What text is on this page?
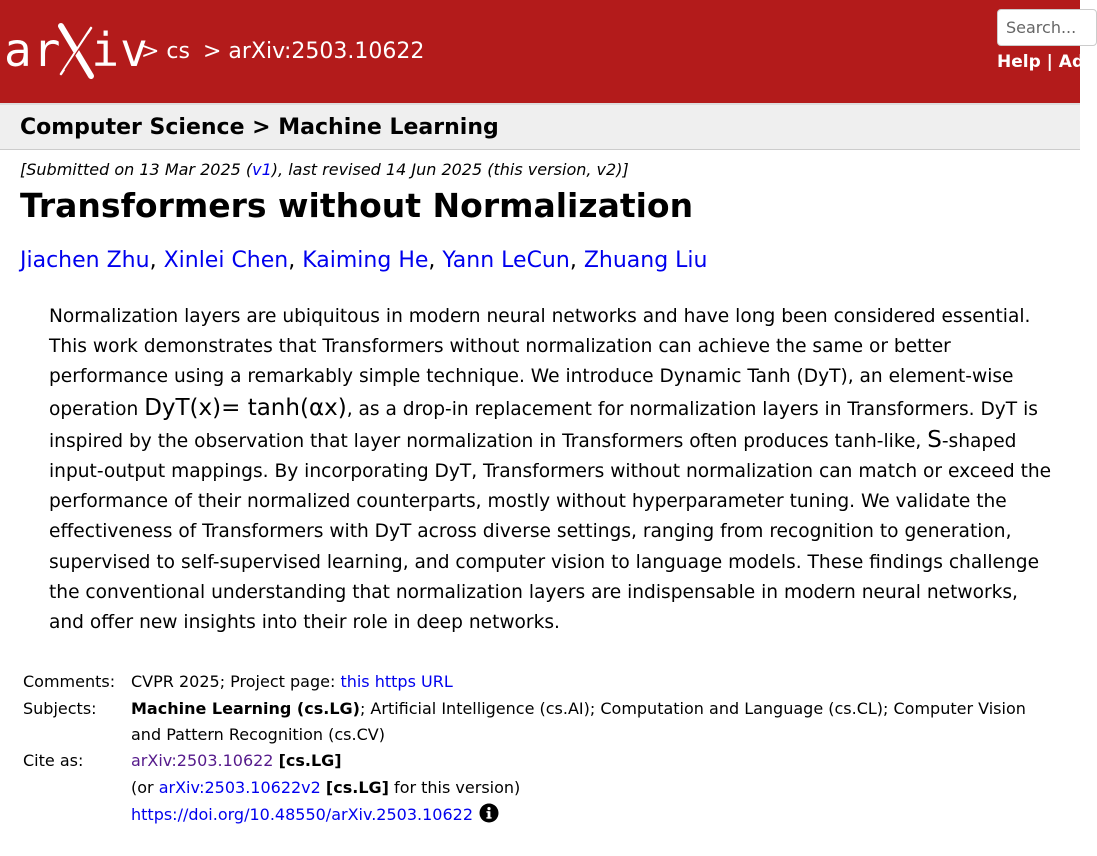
ar iv
> cs > arXiv:2503.10622
Search...
Help | Adv
Computer Science > Machine Learning
[Submitted on 13 Mar 2025 (v1), last revised 14 Jun 2025 (this version, v2)]
Transformers without Normalization
Jiachen Zhu, Xinlei Chen, Kaiming He, Yann LeCun, Zhuang Liu
Normalization layers are ubiquitous in modern neural networks and have long been considered essential. This work demonstrates that Transformers without normalization can achieve the same or better performance using a remarkably simple technique. We introduce Dynamic Tanh (DyT), an element-wise operation DyT(x)= tanh(αx), as a drop-in replacement for normalization layers in Transformers. DyT is inspired by the observation that layer normalization in Transformers often produces tanh-like, S-shaped input-output mappings. By incorporating DyT, Transformers without normalization can match or exceed the performance of their normalized counterparts, mostly without hyperparameter tuning. We validate the effectiveness of Transformers with DyT across diverse settings, ranging from recognition to generation, supervised to self-supervised learning, and computer vision to language models. These findings challenge the conventional understanding that normalization layers are indispensable in modern neural networks, and offer new insights into their role in deep networks.
Comments: CVPR 2025; Project page: this https URL
Subjects:	Machine Learning (cs.LG); Artificial Intelligence (cs.AI); Computation and Language (cs.CL); Computer Vision
and Pattern Recognition (cs.CV)
Cite as:	arXiv:2503.10622 [cs.LG]
(or arXiv:2503.10622v2 [cs.LG] for this version)
https://doi.org/10.48550/arXiv.2503.10622
